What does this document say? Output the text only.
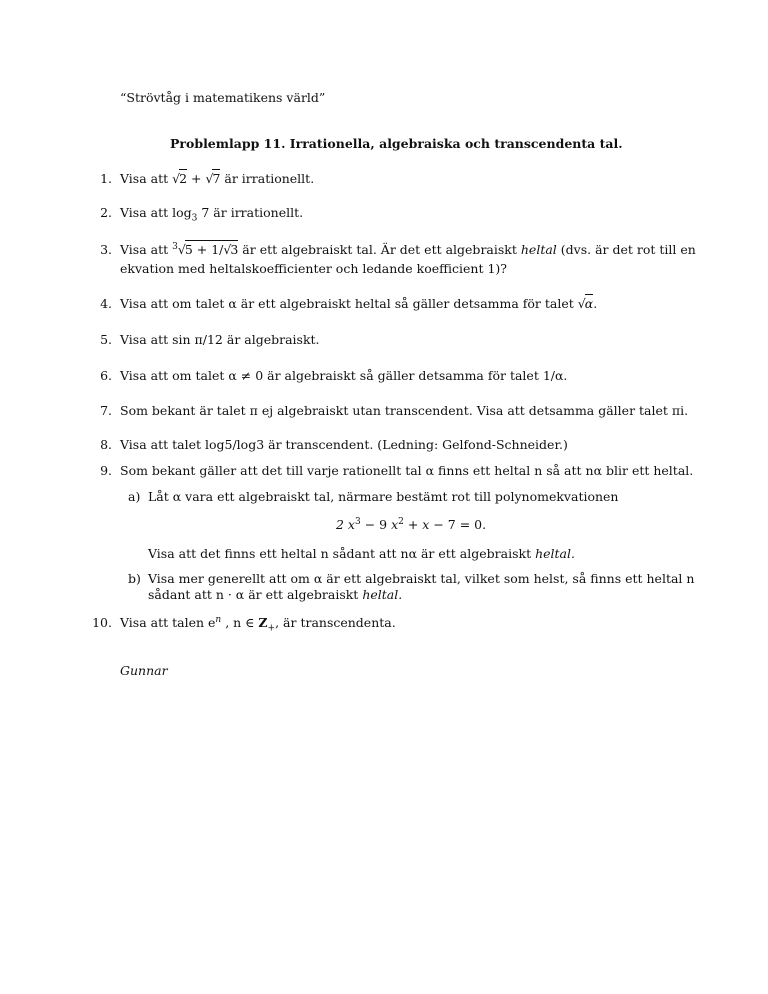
“Strövtåg i matematikens värld”
Problemlapp 11. Irrationella, algebraiska och transcendenta tal.
1. Visa att √2 + √7 är irrationellt.
2. Visa att $\log_3 7$ är irrationellt.
3. Visa att $^3$√5 + 1/√3 är ett algebraiskt tal. Är det ett algebraiskt heltal (dvs. är det rot till en
ekvation med heltalskoefficienter och ledande koefficient 1)?
4. Visa att om talet α är ett algebraiskt heltal så gäller detsamma för talet √α.
5. Visa att sin π/12 är algebraiskt.
6. Visa att om talet α ≠ 0 är algebraiskt så gäller detsamma för talet 1/α.
7. Som bekant är talet π ej algebraiskt utan transcendent. Visa att detsamma gäller talet πi.
8. Visa att talet log5/log3 är transcendent. (Ledning: Gelfond-Schneider.)
9. Som bekant gäller att det till varje rationellt tal α finns ett heltal n så att nα blir ett heltal.
a) Låt α vara ett algebraiskt tal, närmare bestämt rot till polynomekvationen
2 $x^3 - 9$ $x^2 + x - 7 = 0$.
Visa att det finns ett heltal n sådant att nα är ett algebraiskt heltal.
b) Visa mer generellt att om α är ett algebraiskt tal, vilket som helst, så finns ett heltal n
sådant att n · α är ett algebraiskt heltal.
10. Visa att talen $e^n$ , n ∈ $Z_+$, är transcendenta.
Gunnar
